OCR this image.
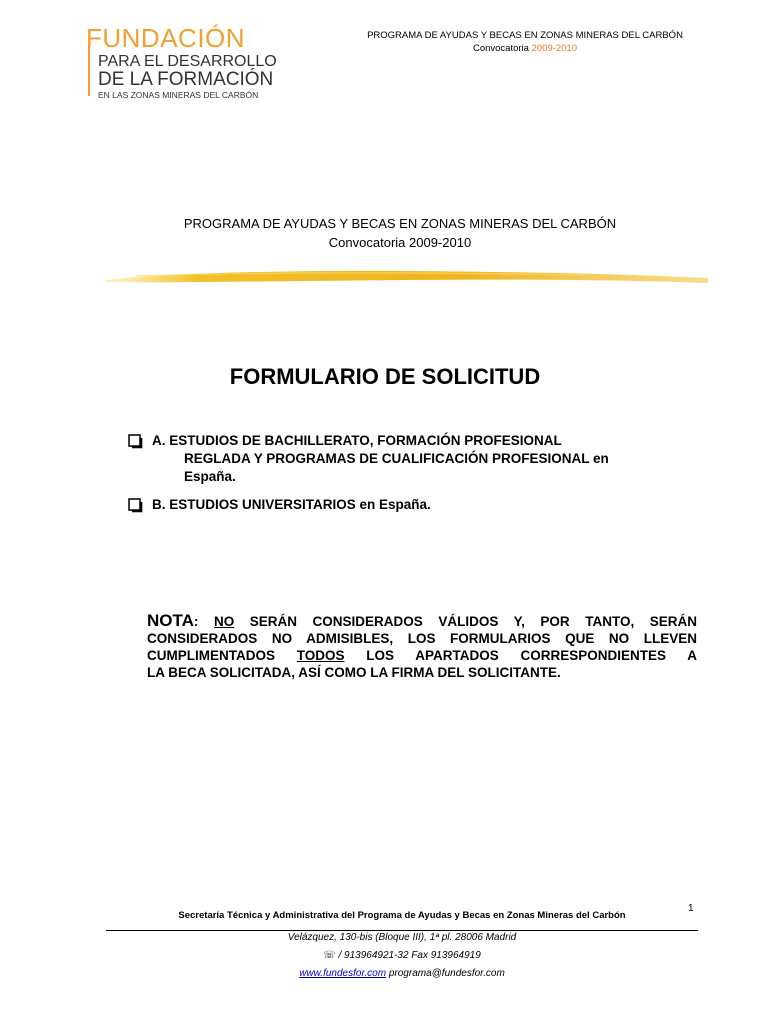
FUNDACIÓN
PARA EL DESARROLLO
DE LA FORMACIÓN
EN LAS ZONAS MINERAS DEL CARBÓN
PROGRAMA DE AYUDAS Y BECAS EN ZONAS MINERAS DEL CARBÓN
Convocatoria 2009-2010
PROGRAMA DE AYUDAS Y BECAS EN ZONAS MINERAS DEL CARBÓN
Convocatoria 2009-2010
FORMULARIO DE SOLICITUD
A. ESTUDIOS DE BACHILLERATO, FORMACIÓN PROFESIONAL
REGLADA Y PROGRAMAS DE CUALIFICACIÓN PROFESIONAL en
España.
B. ESTUDIOS UNIVERSITARIOS en España.
NOTA: NO SERÁN CONSIDERADOS VÁLIDOS Y, POR TANTO, SERÁN
CONSIDERADOS NO ADMISIBLES, LOS FORMULARIOS QUE NO LLEVEN
CUMPLIMENTADOS TODOS LOS APARTADOS CORRESPONDIENTES A
LA BECA SOLICITADA, ASÍ COMO LA FIRMA DEL SOLICITANTE.
1
Secretaría Técnica y Administrativa del Programa de Ayudas y Becas en Zonas Mineras del Carbón
Velázquez, 130-bis (Bloque III), 1ª pl. 28006 Madrid
☏ / 913964921-32 Fax 913964919
www.fundesfor.com programa@fundesfor.com
